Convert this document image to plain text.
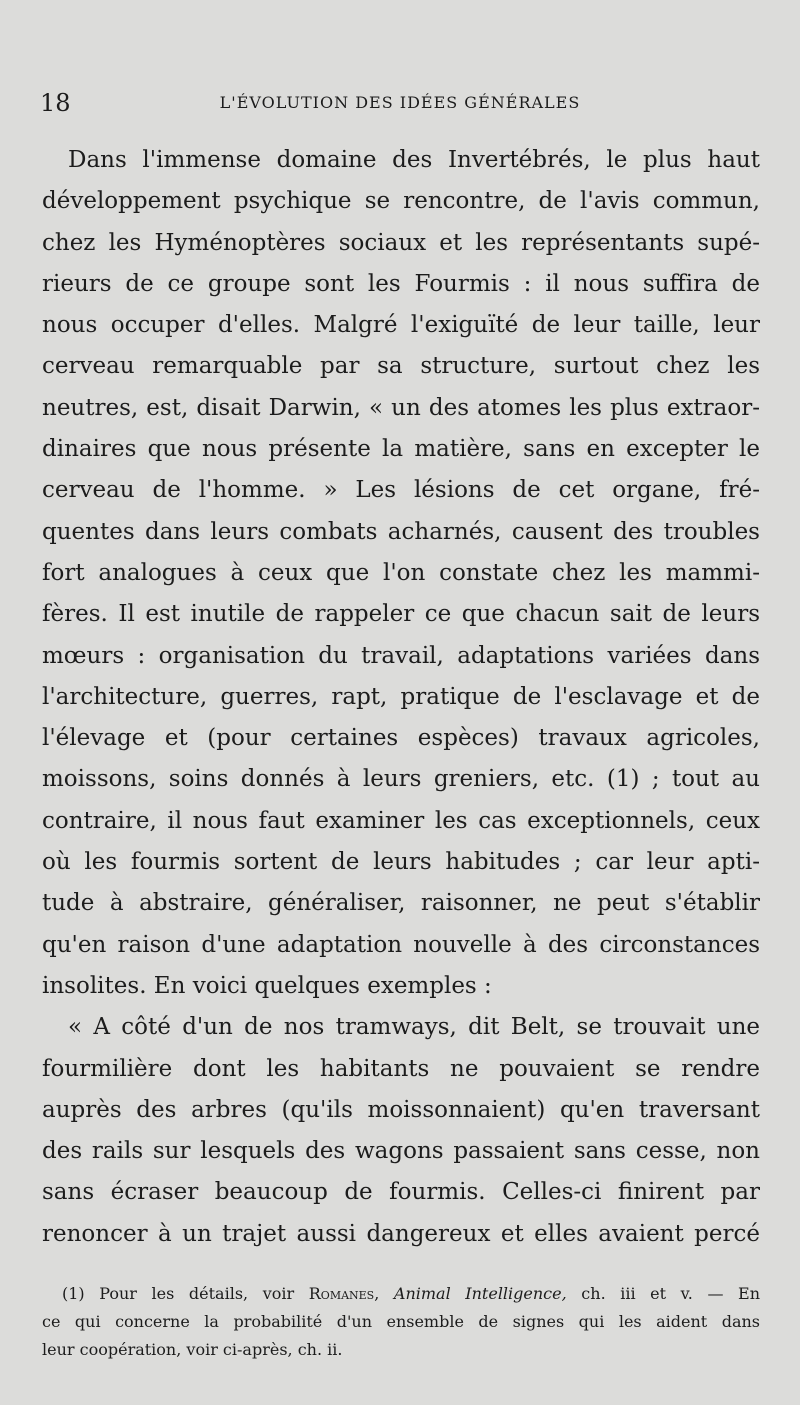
18	L'ÉVOLUTION DES IDÉES GÉNÉRALES
Dans l'immense domaine des Invertébrés, le plus haut
développement psychique se rencontre, de l'avis commun,
chez les Hyménoptères sociaux et les représentants supé-
rieurs de ce groupe sont les Fourmis : il nous suffira de
nous occuper d'elles. Malgré l'exiguïté de leur taille, leur
cerveau remarquable par sa structure, surtout chez les
neutres, est, disait Darwin, « un des atomes les plus extraor-
dinaires que nous présente la matière, sans en excepter le
cerveau de l'homme. » Les lésions de cet organe, fré-
quentes dans leurs combats acharnés, causent des troubles
fort analogues à ceux que l'on constate chez les mammi-
fères. Il est inutile de rappeler ce que chacun sait de leurs
mœurs : organisation du travail, adaptations variées dans
l'architecture, guerres, rapt, pratique de l'esclavage et de
l'élevage et (pour certaines espèces) travaux agricoles,
moissons, soins donnés à leurs greniers, etc. (1) ; tout au
contraire, il nous faut examiner les cas exceptionnels, ceux
où les fourmis sortent de leurs habitudes ; car leur apti-
tude à abstraire, généraliser, raisonner, ne peut s'établir
qu'en raison d'une adaptation nouvelle à des circonstances
insolites. En voici quelques exemples :
« A côté d'un de nos tramways, dit Belt, se trouvait une
fourmilière dont les habitants ne pouvaient se rendre
auprès des arbres (qu'ils moissonnaient) qu'en traversant
des rails sur lesquels des wagons passaient sans cesse, non
sans écraser beaucoup de fourmis. Celles-ci finirent par
renoncer à un trajet aussi dangereux et elles avaient percé
(1) Pour les détails, voir Romanes, Animal Intelligence, ch. iii et v. — En
ce qui concerne la probabilité d'un ensemble de signes qui les aident dans
leur coopération, voir ci-après, ch. ii.
